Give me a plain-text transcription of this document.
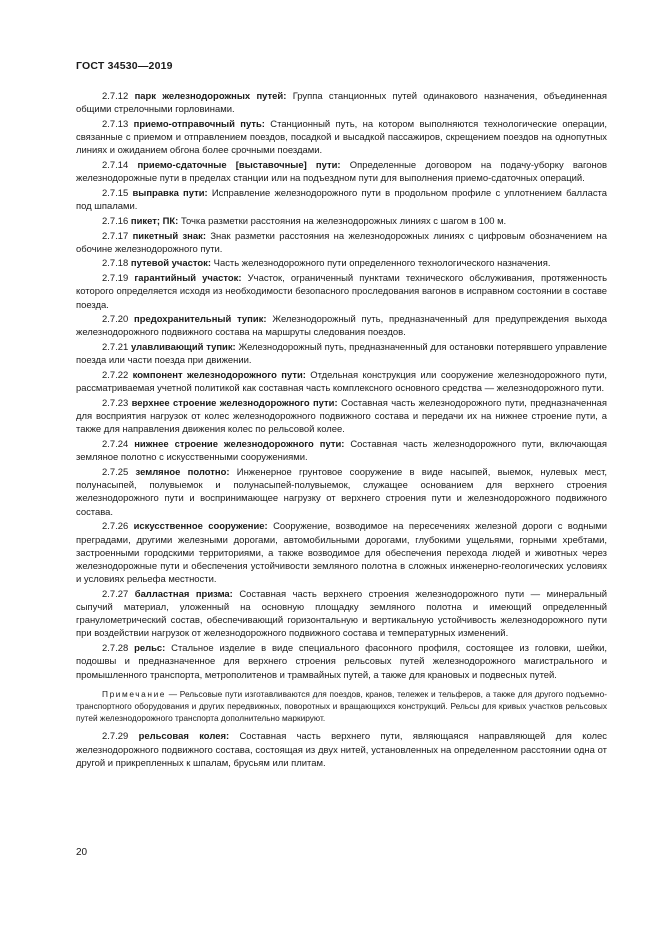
ГОСТ 34530—2019

2.7.12 парк железнодорожных путей: Группа станционных путей одинакового назначения, объединенная общими стрелочными горловинами.

2.7.13 приемо-отправочный путь: Станционный путь, на котором выполняются технологические операции, связанные с приемом и отправлением поездов, посадкой и высадкой пассажиров, скрещением поездов на однопутных линиях и ожиданием обгона более срочными поездами.

2.7.14 приемо-сдаточные [выставочные] пути: Определенные договором на подачу-уборку вагонов железнодорожные пути в пределах станции или на подъездном пути для выполнения приемо-сдаточных операций.

2.7.15 выправка пути: Исправление железнодорожного пути в продольном профиле с уплотнением балласта под шпалами.

2.7.16 пикет; ПК: Точка разметки расстояния на железнодорожных линиях с шагом в 100 м.

2.7.17 пикетный знак: Знак разметки расстояния на железнодорожных линиях с цифровым обозначением на обочине железнодорожного пути.

2.7.18 путевой участок: Часть железнодорожного пути определенного технологического назначения.

2.7.19 гарантийный участок: Участок, ограниченный пунктами технического обслуживания, протяженность которого определяется исходя из необходимости безопасного проследования вагонов в исправном состоянии в составе поезда.

2.7.20 предохранительный тупик: Железнодорожный путь, предназначенный для предупреждения выхода железнодорожного подвижного состава на маршруты следования поездов.

2.7.21 улавливающий тупик: Железнодорожный путь, предназначенный для остановки потерявшего управление поезда или части поезда при движении.

2.7.22 компонент железнодорожного пути: Отдельная конструкция или сооружение железнодорожного пути, рассматриваемая учетной политикой как составная часть комплексного основного средства — железнодорожного пути.

2.7.23 верхнее строение железнодорожного пути: Составная часть железнодорожного пути, предназначенная для восприятия нагрузок от колес железнодорожного подвижного состава и передачи их на нижнее строение пути, а также для направления движения колес по рельсовой колее.

2.7.24 нижнее строение железнодорожного пути: Составная часть железнодорожного пути, включающая земляное полотно с искусственными сооружениями.

2.7.25 земляное полотно: Инженерное грунтовое сооружение в виде насыпей, выемок, нулевых мест, полунасыпей, полувыемок и полунасыпей-полувыемок, служащее основанием для верхнего строения железнодорожного пути и воспринимающее нагрузку от верхнего строения пути и железнодорожного подвижного состава.

2.7.26 искусственное сооружение: Сооружение, возводимое на пересечениях железной дороги с водными преградами, другими железными дорогами, автомобильными дорогами, глубокими ущельями, горными хребтами, застроенными городскими территориями, а также возводимое для обеспечения перехода людей и животных через железнодорожные пути и обеспечения устойчивости земляного полотна в сложных инженерно-геологических условиях и условиях рельефа местности.

2.7.27 балластная призма: Составная часть верхнего строения железнодорожного пути — минеральный сыпучий материал, уложенный на основную площадку земляного полотна и имеющий определенный гранулометрический состав, обеспечивающий горизонтальную и вертикальную устойчивость железнодорожного пути при воздействии нагрузок от железнодорожного подвижного состава и температурных изменений.

2.7.28 рельс: Стальное изделие в виде специального фасонного профиля, состоящее из головки, шейки, подошвы и предназначенное для верхнего строения рельсовых путей железнодорожного магистрального и промышленного транспорта, метрополитенов и трамвайных путей, а также для крановых и подвесных путей.

Примечание — Рельсовые пути изготавливаются для поездов, кранов, тележек и тельферов, а также для другого подъемно-транспортного оборудования и других передвижных, поворотных и вращающихся конструкций. Рельсы для кривых участков рельсовых путей железнодорожного транспорта дополнительно маркируют.

2.7.29 рельсовая колея: Составная часть верхнего пути, являющаяся направляющей для колес железнодорожного подвижного состава, состоящая из двух нитей, установленных на определенном расстоянии одна от другой и прикрепленных к шпалам, брусьям или плитам.

20
